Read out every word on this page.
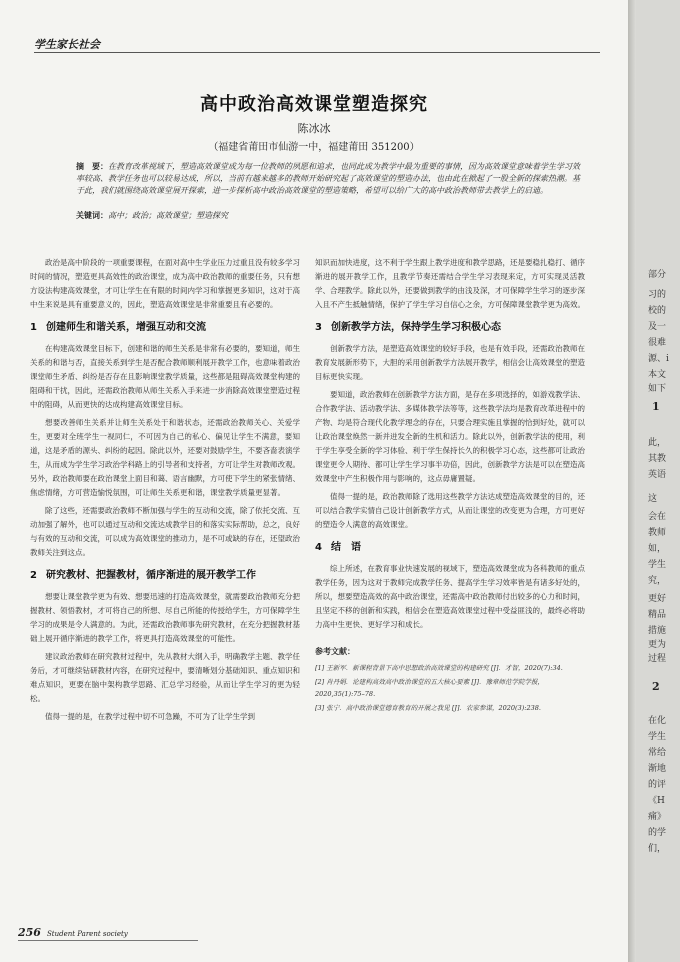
学生家长社会
高中政治高效课堂塑造探究
陈冰冰
（福建省莆田市仙游一中，福建莆田 351200）
摘　要：在教育改革视域下，塑造高效课堂成为每一位教师的夙愿和追求，也同此成为教学中最为重要的事情，因为高效课堂意味着学生学习效率较高、教学任务也可以较易达成，所以，当前有越来越多的教师开始研究起了高效课堂的塑造办法，也由此在掀起了一股全新的探索热潮。基于此，我们就围绕高效课堂展开探索，进一步探析高中政治高效课堂的塑造策略，希望可以给广大的高中政治教师带去教学上的启迪。
关键词：高中；政治；高效课堂；塑造探究

政治是高中阶段的一项重要课程，在面对高中生学业压力过重且没有较多学习时间的情况，塑造更具高效性的政治课堂，成为高中政治教师的重要任务，只有想方设法构建高效课堂，才可让学生在有限的时间内学习和掌握更多知识，这对于高中生来说是具有重要意义的，因此，塑造高效课堂是非常重要且有必要的。

1 创建师生和谐关系，增强互动和交流

在构建高效课堂目标下，创建和谐的师生关系是非常有必要的，要知道，师生关系的和谐与否，直接关系到学生是否配合教师顺利展开教学工作，也意味着政治课堂师生矛盾、纠纷是否存在且影响课堂教学质量，这些都是阻碍高效课堂构建的阻碍和干扰，因此，还需政治教师从师生关系入手来进一步消除高效课堂塑造过程中的阻碍，从而更快的达成构建高效课堂目标。

想要改善师生关系并让师生关系处于和谐状态，还需政治教师关心、关爱学生，更要对全班学生一视同仁，不可因为自己的私心、偏见让学生不满意，要知道，这是矛盾的源头、纠纷的起因。除此以外，还要对鼓励学生，不要吝啬表演学生，从而成为学生学习政治学科路上的引导者和支持者，方可让学生对教师改观。另外，政治教师要在政治课堂上面目和蔼、语言幽默，方可使下学生的紧张情绪、焦虑情绪，方可营造愉悦氛围，可让师生关系更和谐，课堂教学质量更显著。

除了这些，还需要政治教师不断加强与学生的互动和交流，除了依托交流、互动加强了解外，也可以通过互动和交流达成教学目的和落实实际帮助，总之，良好与有效的互动和交流，可以成为高效课堂的推动力，是不可或缺的存在，还望政治教师关注到这点。

2 研究教材、把握教材，循序渐进的展开教学工作

想要让课堂教学更为有效、想要迅速的打造高效课堂，就需要政治教师充分把握教材、领悟教材，才可将自己的所想、尽自己所能的传授给学生，方可保障学生学习的成果是令人满意的。为此，还需政治教师事先研究教材，在充分把握教材基础上展开循序渐进的教学工作，将更具打造高效课堂的可能性。

建议政治教师在研究教材过程中，先从教材大纲入手，明确教学主题、教学任务后，才可继续钻研教材内容，在研究过程中，要清晰划分基础知识、重点知识和难点知识，更要在脑中架构教学思路、汇总学习经验，从而让学生学习的更为轻松。

值得一提的是，在教学过程中切不可急躁，不可为了让学生学到

知识而加快进度，这不利于学生跟上教学进度和教学思路，还是要稳扎稳打、循序渐进的展开教学工作，且教学节奏还需结合学生学习表现来定，方可实现灵活教学、合理教学。除此以外，还要做到教学的由浅及深，才可保障学生学习的逐步深入且不产生抵触情绪，保护了学生学习自信心之余，方可保障课堂教学更为高效。

3 创新教学方法，保持学生学习积极心态

创新教学方法，是塑造高效课堂的较好手段，也是有效手段，还需政治教师在教育发展新形势下，大胆的采用创新教学方法展开教学，相信会让高效课堂的塑造目标更快实现。

要知道，政治教师在创新教学方法方面，是存在多项选择的，如游戏教学法、合作教学法、活动教学法、多媒体教学法等等，这些教学法均是教育改革进程中的产物、均是符合现代化教学理念的存在，只要合理实施且掌握的恰到好处，就可以让政治课堂焕然一新并迸发全新的生机和活力。除此以外，创新教学法的使用，利于学生享受全新的学习体验、利于学生保持长久的积极学习心态，这些都可让政治课堂更令人期待、都可让学生学习事半功倍，因此，创新教学方法是可以在塑造高效课堂中产生积极作用与影响的，这点毋庸置疑。

值得一提的是，政治教师除了选用这些教学方法达成塑造高效课堂的目的，还可以结合教学实情自己设计创新教学方式，从而让课堂的改变更为合理，方可更好的塑造令人满意的高效课堂。

4 结　语

综上所述，在教育事业快速发展的视域下，塑造高效课堂成为各科教师的重点教学任务，因为这对于教师完成教学任务、提高学生学习效率皆是有诸多好处的，所以，想要塑造高效的高中政治课堂，还需高中政治教师付出较多的心力和时间，且坚定不移的创新和实践，相信会在塑造高效课堂过程中受益匪浅的，最终必将助力高中生更快、更好学习和成长。

参考文献：
[1] 王新军．新课程背景下高中思想政治高效课堂的构建研究 [J]．才智，2020(7):34.
[2] 肖丹娟．论建构高效高中政治课堂的五大核心要素 [J]．豫章师范学院学报，2020,35(1):75–78.
[3] 张宁．高中政治课堂德育教育的开展之我见 [J]．农家参谋，2020(3):238.
256 Student Parent society
部分
习的
校的
及一
很难
源、i
本文
如下
1
此，
其教
英语
这
会在
教师
如，
学生
究，
更好
精品
措施
更为
过程
2
在化
学生
常给
渐地
的评
《H
痛》
的学
们，
